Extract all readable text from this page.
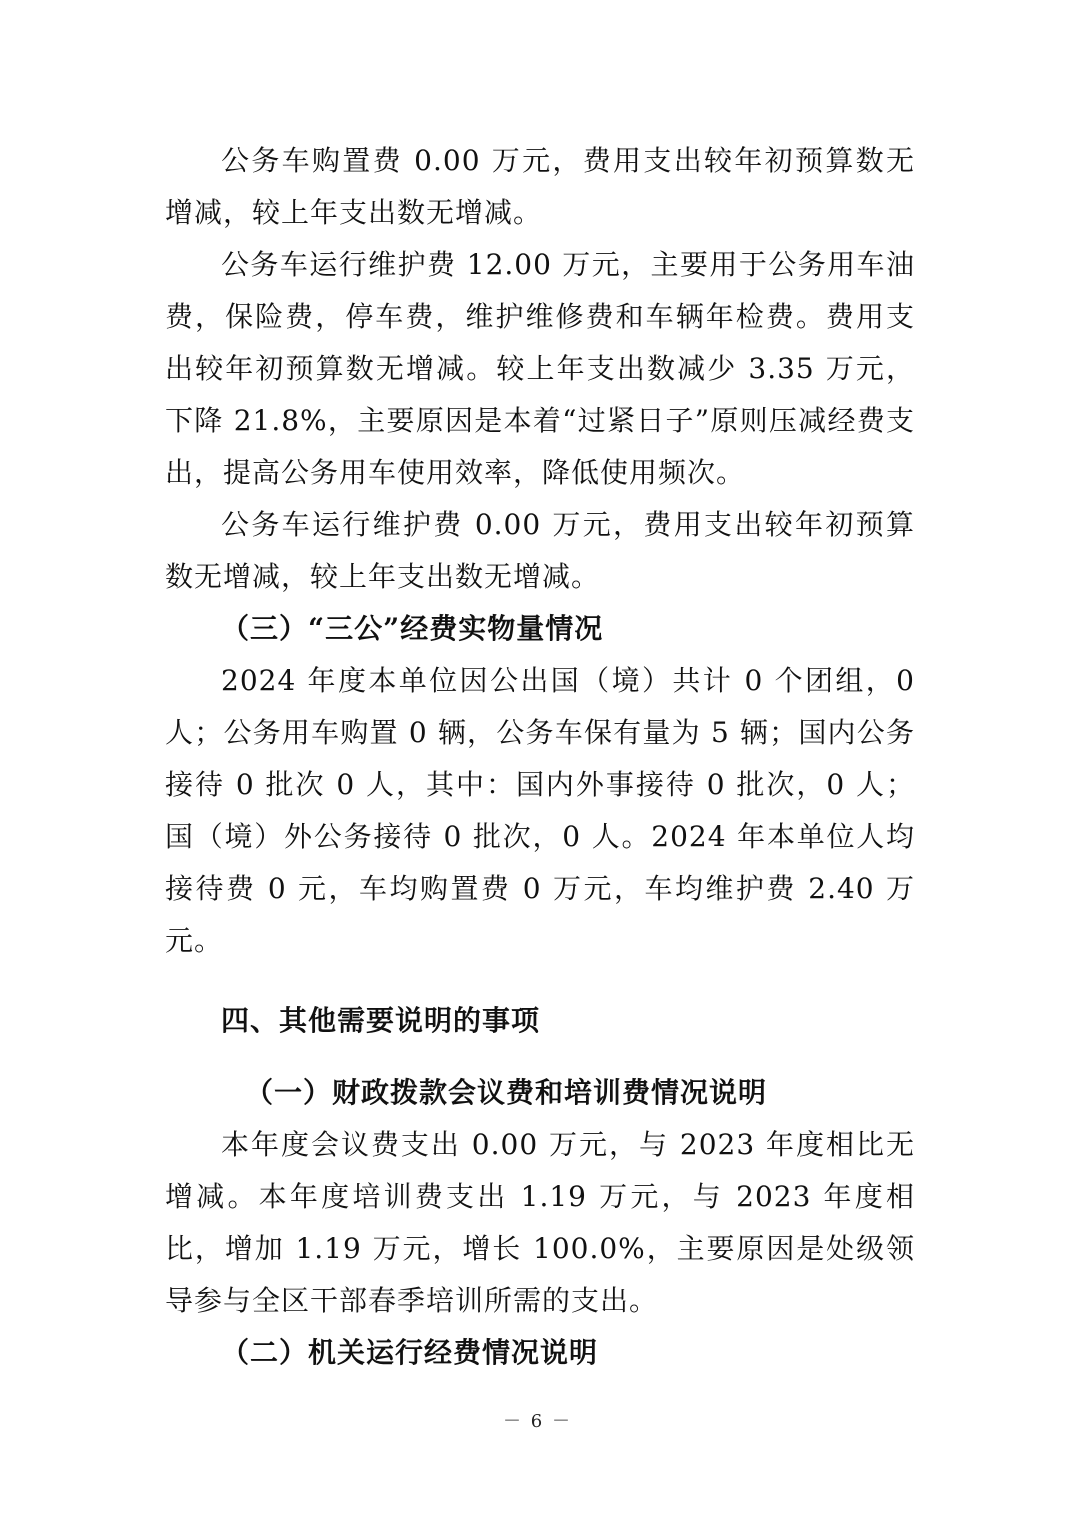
公务车购置费 0.00 万元，费用支出较年初预算数无增减，较上年支出数无增减。

公务车运行维护费 12.00 万元，主要用于公务用车油费，保险费，停车费，维护维修费和车辆年检费。费用支出较年初预算数无增减。较上年支出数减少 3.35 万元，下降 21.8%，主要原因是本着“过紧日子”原则压减经费支出，提高公务用车使用效率，降低使用频次。

公务车运行维护费 0.00 万元，费用支出较年初预算数无增减，较上年支出数无增减。

（三）“三公”经费实物量情况

2024 年度本单位因公出国（境）共计 0 个团组，0 人；公务用车购置 0 辆，公务车保有量为 5 辆；国内公务接待 0 批次 0 人，其中：国内外事接待 0 批次，0 人；国（境）外公务接待 0 批次，0 人。2024 年本单位人均接待费 0 元，车均购置费 0 万元，车均维护费 2.40 万元。

四、其他需要说明的事项

（一）财政拨款会议费和培训费情况说明

本年度会议费支出 0.00 万元，与 2023 年度相比无增减。本年度培训费支出 1.19 万元，与 2023 年度相比，增加 1.19 万元，增长 100.0%，主要原因是处级领导参与全区干部春季培训所需的支出。

（二）机关运行经费情况说明

－ 6 －
